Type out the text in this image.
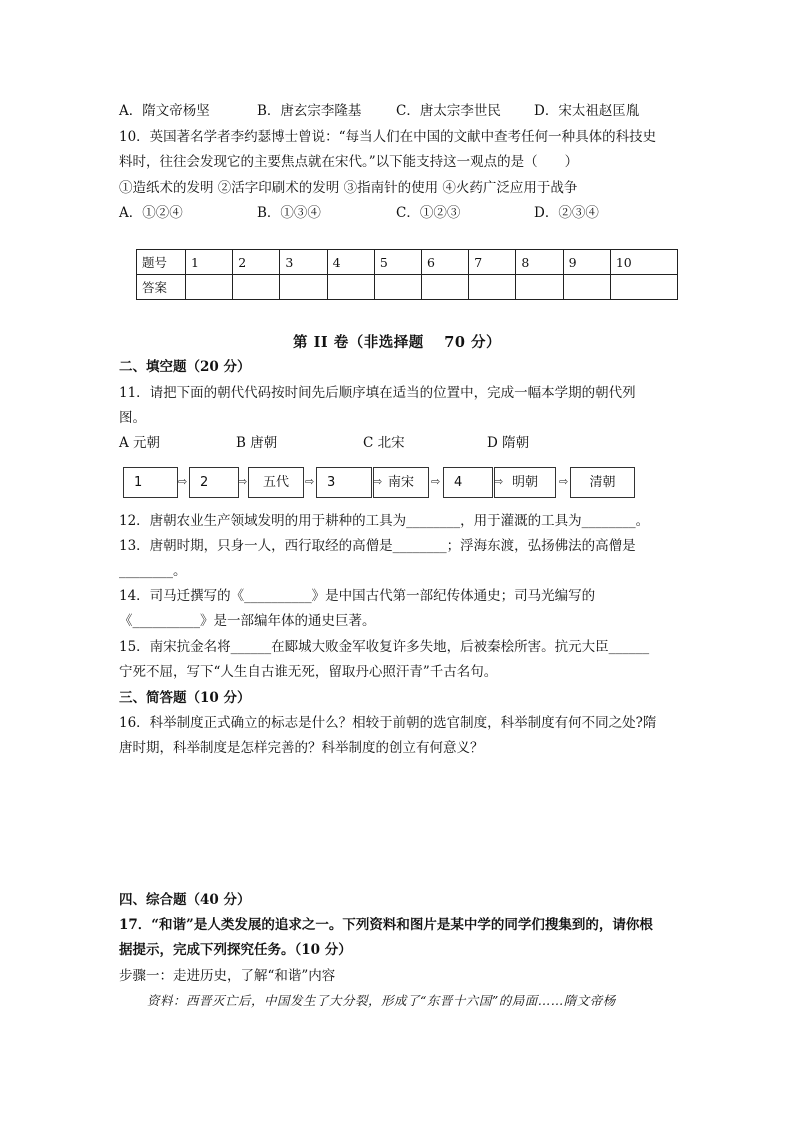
A．隋文帝杨坚	B．唐玄宗李隆基	C．唐太宗李世民 D．宋太祖赵匡胤
10．英国著名学者李约瑟博士曾说：“每当人们在中国的文献中查考任何一种具体的科技史
料时，往往会发现它的主要焦点就在宋代。”以下能支持这一观点的是（　　）
①造纸术的发明 ②活字印刷术的发明 ③指南针的使用 ④火药广泛应用于战争
A．①②④	B．①③④	C．①②③	D．②③④
题号	1	2	3	4	5	6	7	8	9	10
答案										
第 II 卷（非选择题　 70 分）
二、填空题（20 分）
11．请把下面的朝代代码按时间先后顺序填在适当的位置中，完成一幅本学期的朝代列
图。
A 元朝	B 唐朝	C 北宋	D 隋朝
1	⇨ 2	⇨	五代	⇨ 3	⇨ 南宋	⇨	4	⇨ 明朝	⇨	清朝
12．唐朝农业生产领域发明的用于耕种的工具为________，用于灌溉的工具为________。
13．唐朝时期，只身一人，西行取经的高僧是________；浮海东渡，弘扬佛法的高僧是
________。
14．司马迁撰写的《__________》是中国古代第一部纪传体通史；司马光编写的
《__________》是一部编年体的通史巨著。
15．南宋抗金名将______在郾城大败金军收复许多失地，后被秦桧所害。抗元大臣______
宁死不屈，写下“人生自古谁无死，留取丹心照汗青”千古名句。
三、简答题（10 分）
16．科举制度正式确立的标志是什么？相较于前朝的选官制度，科举制度有何不同之处?隋
唐时期，科举制度是怎样完善的？科举制度的创立有何意义？
四、综合题（40 分）
17．“和谐”是人类发展的追求之一。下列资料和图片是某中学的同学们搜集到的，请你根
据提示，完成下列探究任务。（10 分）
步骤一：走进历史，了解“和谐”内容
资料：西晋灭亡后，中国发生了大分裂，形成了“东晋十六国”的局面……隋文帝杨
